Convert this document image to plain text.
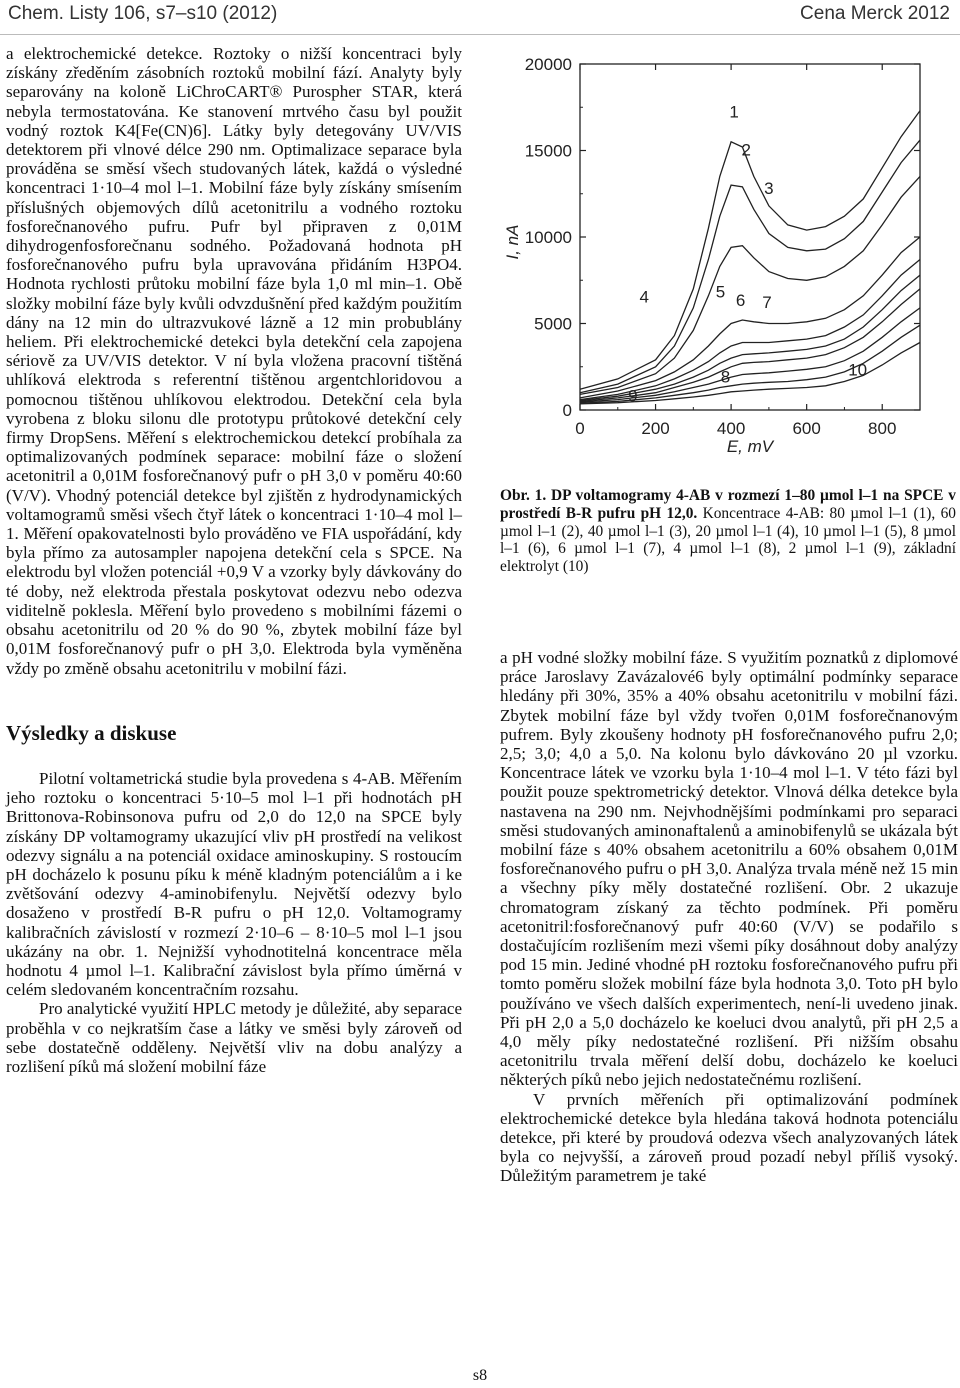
Chem. Listy 106, s7–s10 (2012)	Cena Merck 2012

a elektrochemické detekce. Roztoky o nižší koncentraci byly získány zředěním zásobních roztoků mobilní fází. Analyty byly separovány na koloně LiChroCART® Purospher STAR, která nebyla termostatována. Ke stanovení mrtvého času byl použit vodný roztok K4[Fe(CN)6]. Látky byly detegovány UV/VIS detektorem při vlnové délce 290 nm. Optimalizace separace byla prováděna se směsí všech studovaných látek, každá o výsledné koncentraci 1·10–4 mol l–1. Mobilní fáze byly získány smísením příslušných objemových dílů acetonitrilu a vodného roztoku fosforečnanového pufru. Pufr byl připraven z 0,01M dihydrogenfosforečnanu sodného. Požadovaná hodnota pH fosforečnanového pufru byla upravována přidáním H3PO4. Hodnota rychlosti průtoku mobilní fáze byla 1,0 ml min–1. Obě složky mobilní fáze byly kvůli odvzdušnění před každým použitím dány na 12 min do ultrazvukové lázně a 12 min probublány heliem. Při elektrochemické detekci byla detekční cela zapojena sériově za UV/VIS detektor. V ní byla vložena pracovní tištěná uhlíková elektroda s referentní tištěnou argentchloridovou a pomocnou tištěnou uhlíkovou elektrodou. Detekční cela byla vyrobena z bloku silonu dle prototypu průtokové detekční cely firmy DropSens. Měření s elektrochemickou detekcí probíhala za optimalizovaných podmínek separace: mobilní fáze o složení acetonitril a 0,01M fosforečnanový pufr o pH 3,0 v poměru 40:60 (V/V). Vhodný potenciál detekce byl zjištěn z hydrodynamických voltamogramů směsi všech čtyř látek o koncentraci 1·10–4 mol l–1. Měření opakovatelnosti bylo prováděno ve FIA uspořádání, kdy byla přímo za autosampler napojena detekční cela s SPCE. Na elektrodu byl vložen potenciál +0,9 V a vzorky byly dávkovány do té doby, než elektroda přestala poskytovat odezvu nebo odezva viditelně poklesla. Měření bylo provedeno s mobilními fázemi o obsahu acetonitrilu od 20 % do 90 %, zbytek mobilní fáze byl 0,01M fosforečnanový pufr o pH 3,0. Elektroda byla vyměněna vždy po změně obsahu acetonitrilu v mobilní fázi.

Výsledky a diskuse

Pilotní voltametrická studie byla provedena s 4-AB. Měřením jeho roztoku o koncentraci 5·10–5 mol l–1 při hodnotách pH Brittonova-Robinsonova pufru od 2,0 do 12,0 na SPCE byly získány DP voltamogramy ukazující vliv pH prostředí na velikost odezvy signálu a na potenciál oxidace aminoskupiny. S rostoucím pH docházelo k posunu píku k méně kladným potenciálům a i ke zvětšování odezvy 4-aminobifenylu. Největší odezvy bylo dosaženo v prostředí B-R pufru o pH 12,0. Voltamogramy kalibračních závislostí v rozmezí 2·10–6 – 8·10–5 mol l–1 jsou ukázány na obr. 1. Nejnižší vyhodnotitelná koncentrace měla hodnotu 4 µmol l–1. Kalibrační závislost byla přímo úměrná v celém sledovaném koncentračním rozsahu.

Pro analytické využití HPLC metody je důležité, aby separace proběhla v co nejkratším čase a látky ve směsi byly zároveň od sebe dostatečně odděleny. Největší vliv na dobu analýzy a rozlišení píků má složení mobilní fáze

0
5000
10000
15000
20000
0	200	400	600	800
1
2
3
4	5 6 7
8
9
10
I, nA
E, mV
Obr. 1. DP voltamogramy 4-AB v rozmezí 1–80 µmol l–1 na SPCE v prostředí B-R pufru pH 12,0. Koncentrace 4-AB: 80 µmol l–1 (1), 60 µmol l–1 (2), 40 µmol l–1 (3), 20 µmol l–1 (4), 10 µmol l–1 (5), 8 µmol l–1 (6), 6 µmol l–1 (7), 4 µmol l–1 (8), 2 µmol l–1 (9), základní elektrolyt (10)

a pH vodné složky mobilní fáze. S využitím poznatků z diplomové práce Jaroslavy Zavázalové6 byly optimální podmínky separace hledány při 30%, 35% a 40% obsahu acetonitrilu v mobilní fázi. Zbytek mobilní fáze byl vždy tvořen 0,01M fosforečnanovým pufrem. Byly zkoušeny hodnoty pH fosforečnanového pufru 2,0; 2,5; 3,0; 4,0 a 5,0. Na kolonu bylo dávkováno 20 µl vzorku. Koncentrace látek ve vzorku byla 1·10–4 mol l–1. V této fázi byl použit pouze spektrometrický detektor. Vlnová délka detekce byla nastavena na 290 nm. Nejvhodnějšími podmínkami pro separaci směsi studovaných aminonaftalenů a aminobifenylů se ukázala být mobilní fáze s 40% obsahem acetonitrilu a 60% obsahem 0,01M fosforečnanového pufru o pH 3,0. Analýza trvala méně než 15 min a všechny píky měly dostatečné rozlišení. Obr. 2 ukazuje chromatogram získaný za těchto podmínek. Při poměru acetonitril:fosforečnanový pufr 40:60 (V/V) se podařilo s dostačujícím rozlišením mezi všemi píky dosáhnout doby analýzy pod 15 min. Jediné vhodné pH roztoku fosforečnanového pufru při tomto poměru složek mobilní fáze byla hodnota 3,0. Toto pH bylo používáno ve všech dalších experimentech, není-li uvedeno jinak. Při pH 2,0 a 5,0 docházelo ke koeluci dvou analytů, při pH 2,5 a 4,0 měly píky nedostatečné rozlišení. Při nižším obsahu acetonitrilu trvala měření delší dobu, docházelo ke koeluci některých píků nebo jejich nedostatečnému rozlišení.

V prvních měřeních při optimalizování podmínek elektrochemické detekce byla hledána taková hodnota potenciálu detekce, při které by proudová odezva všech analyzovaných látek byla co nejvyšší, a zároveň proud pozadí nebyl příliš vysoký. Důležitým parametrem je také

s8
